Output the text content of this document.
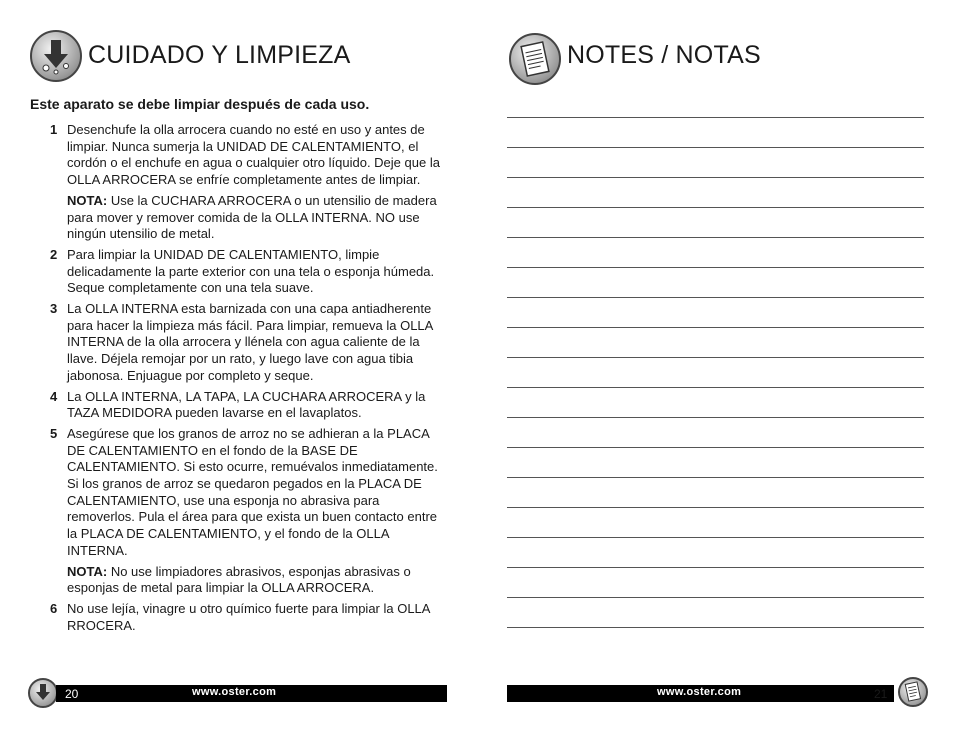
CUIDADO Y LIMPIEZA
Este aparato se debe limpiar después de cada uso.
1 Desenchufe la olla arrocera cuando no esté en uso y antes de limpiar. Nunca sumerja la UNIDAD DE CALENTAMIENTO, el cordón o el enchufe en agua o cualquier otro líquido. Deje que la OLLA ARROCERA se enfríe completamente antes de limpiar.
NOTA: Use la CUCHARA ARROCERA o un utensilio de madera para mover y remover comida de la OLLA INTERNA. NO use ningún utensilio de metal.
2 Para limpiar la UNIDAD DE CALENTAMIENTO, limpie delicadamente la parte exterior con una tela o esponja húmeda. Seque completamente con una tela suave.
3 La OLLA INTERNA esta barnizada con una capa antiadherente para hacer la limpieza más fácil. Para limpiar, remueva la OLLA INTERNA de la olla arrocera y llénela con agua caliente de la llave. Déjela remojar por un rato, y luego lave con agua tibia jabonosa. Enjuague por completo y seque.
4 La OLLA INTERNA, LA TAPA, LA CUCHARA ARROCERA y la TAZA MEDIDORA pueden lavarse en el lavaplatos.
5 Asegúrese que los granos de arroz no se adhieran a la PLACA DE CALENTAMIENTO en el fondo de la BASE DE CALENTAMIENTO. Si esto ocurre, remuévalos inmediatamente. Si los granos de arroz se quedaron pegados en la PLACA DE CALENTAMIENTO, use una esponja no abrasiva para removerlos. Pula el área para que exista un buen contacto entre la PLACA DE CALENTAMIENTO, y el fondo de la OLLA INTERNA.
NOTA: No use limpiadores abrasivos, esponjas abrasivas o esponjas de metal para limpiar la OLLA ARROCERA.
6 No use lejía, vinagre u otro químico fuerte para limpiar la OLLA RROCERA.
www.oster.com
20
NOTES / NOTAS
www.oster.com	21
